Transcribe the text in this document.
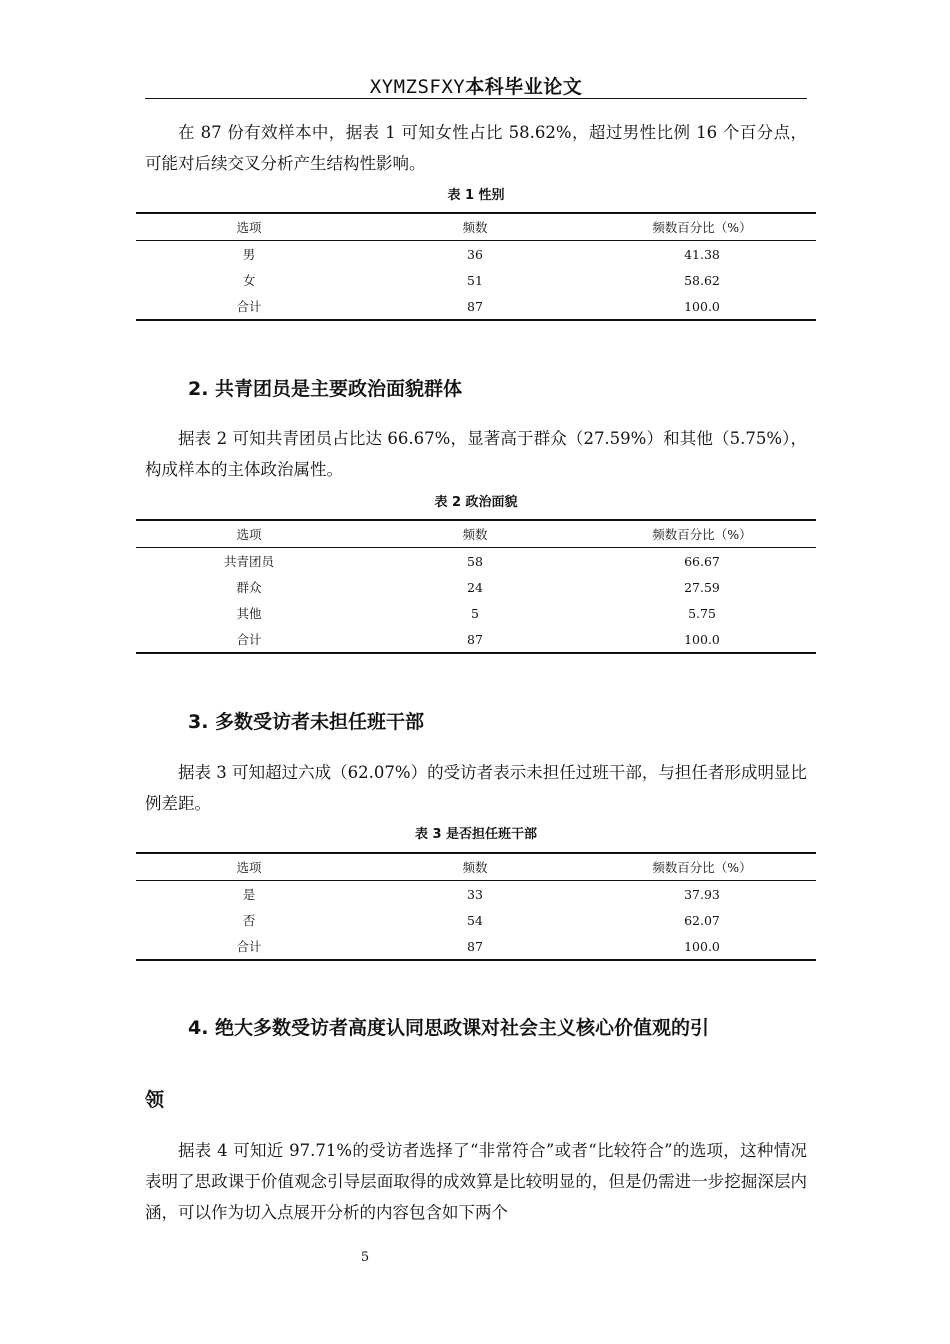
XYMZSFXY本科毕业论文
在 87 份有效样本中，据表 1 可知女性占比 58.62%，超过男性比例 16 个百分点，可能对后续交叉分析产生结构性影响。
表 1 性别
选项	频数	频数百分比（%）
男	36	41.38
女	51	58.62
合计	87	100.0
2. 共青团员是主要政治面貌群体
据表 2 可知共青团员占比达 66.67%，显著高于群众（27.59%）和其他（5.75%），构成样本的主体政治属性。
表 2 政治面貌
选项	频数	频数百分比（%）
共青团员	58	66.67
群众	24	27.59
其他	5	5.75
合计	87	100.0
3. 多数受访者未担任班干部
据表 3 可知超过六成（62.07%）的受访者表示未担任过班干部，与担任者形成明显比例差距。
表 3 是否担任班干部
选项	频数	频数百分比（%）
是	33	37.93
否	54	62.07
合计	87	100.0
4. 绝大多数受访者高度认同思政课对社会主义核心价值观的引
领
据表 4 可知近 97.71%的受访者选择了“非常符合”或者“比较符合”的选项，这种情况表明了思政课于价值观念引导层面取得的成效算是比较明显的，但是仍需进一步挖掘深层内涵，可以作为切入点展开分析的内容包含如下两个
5
